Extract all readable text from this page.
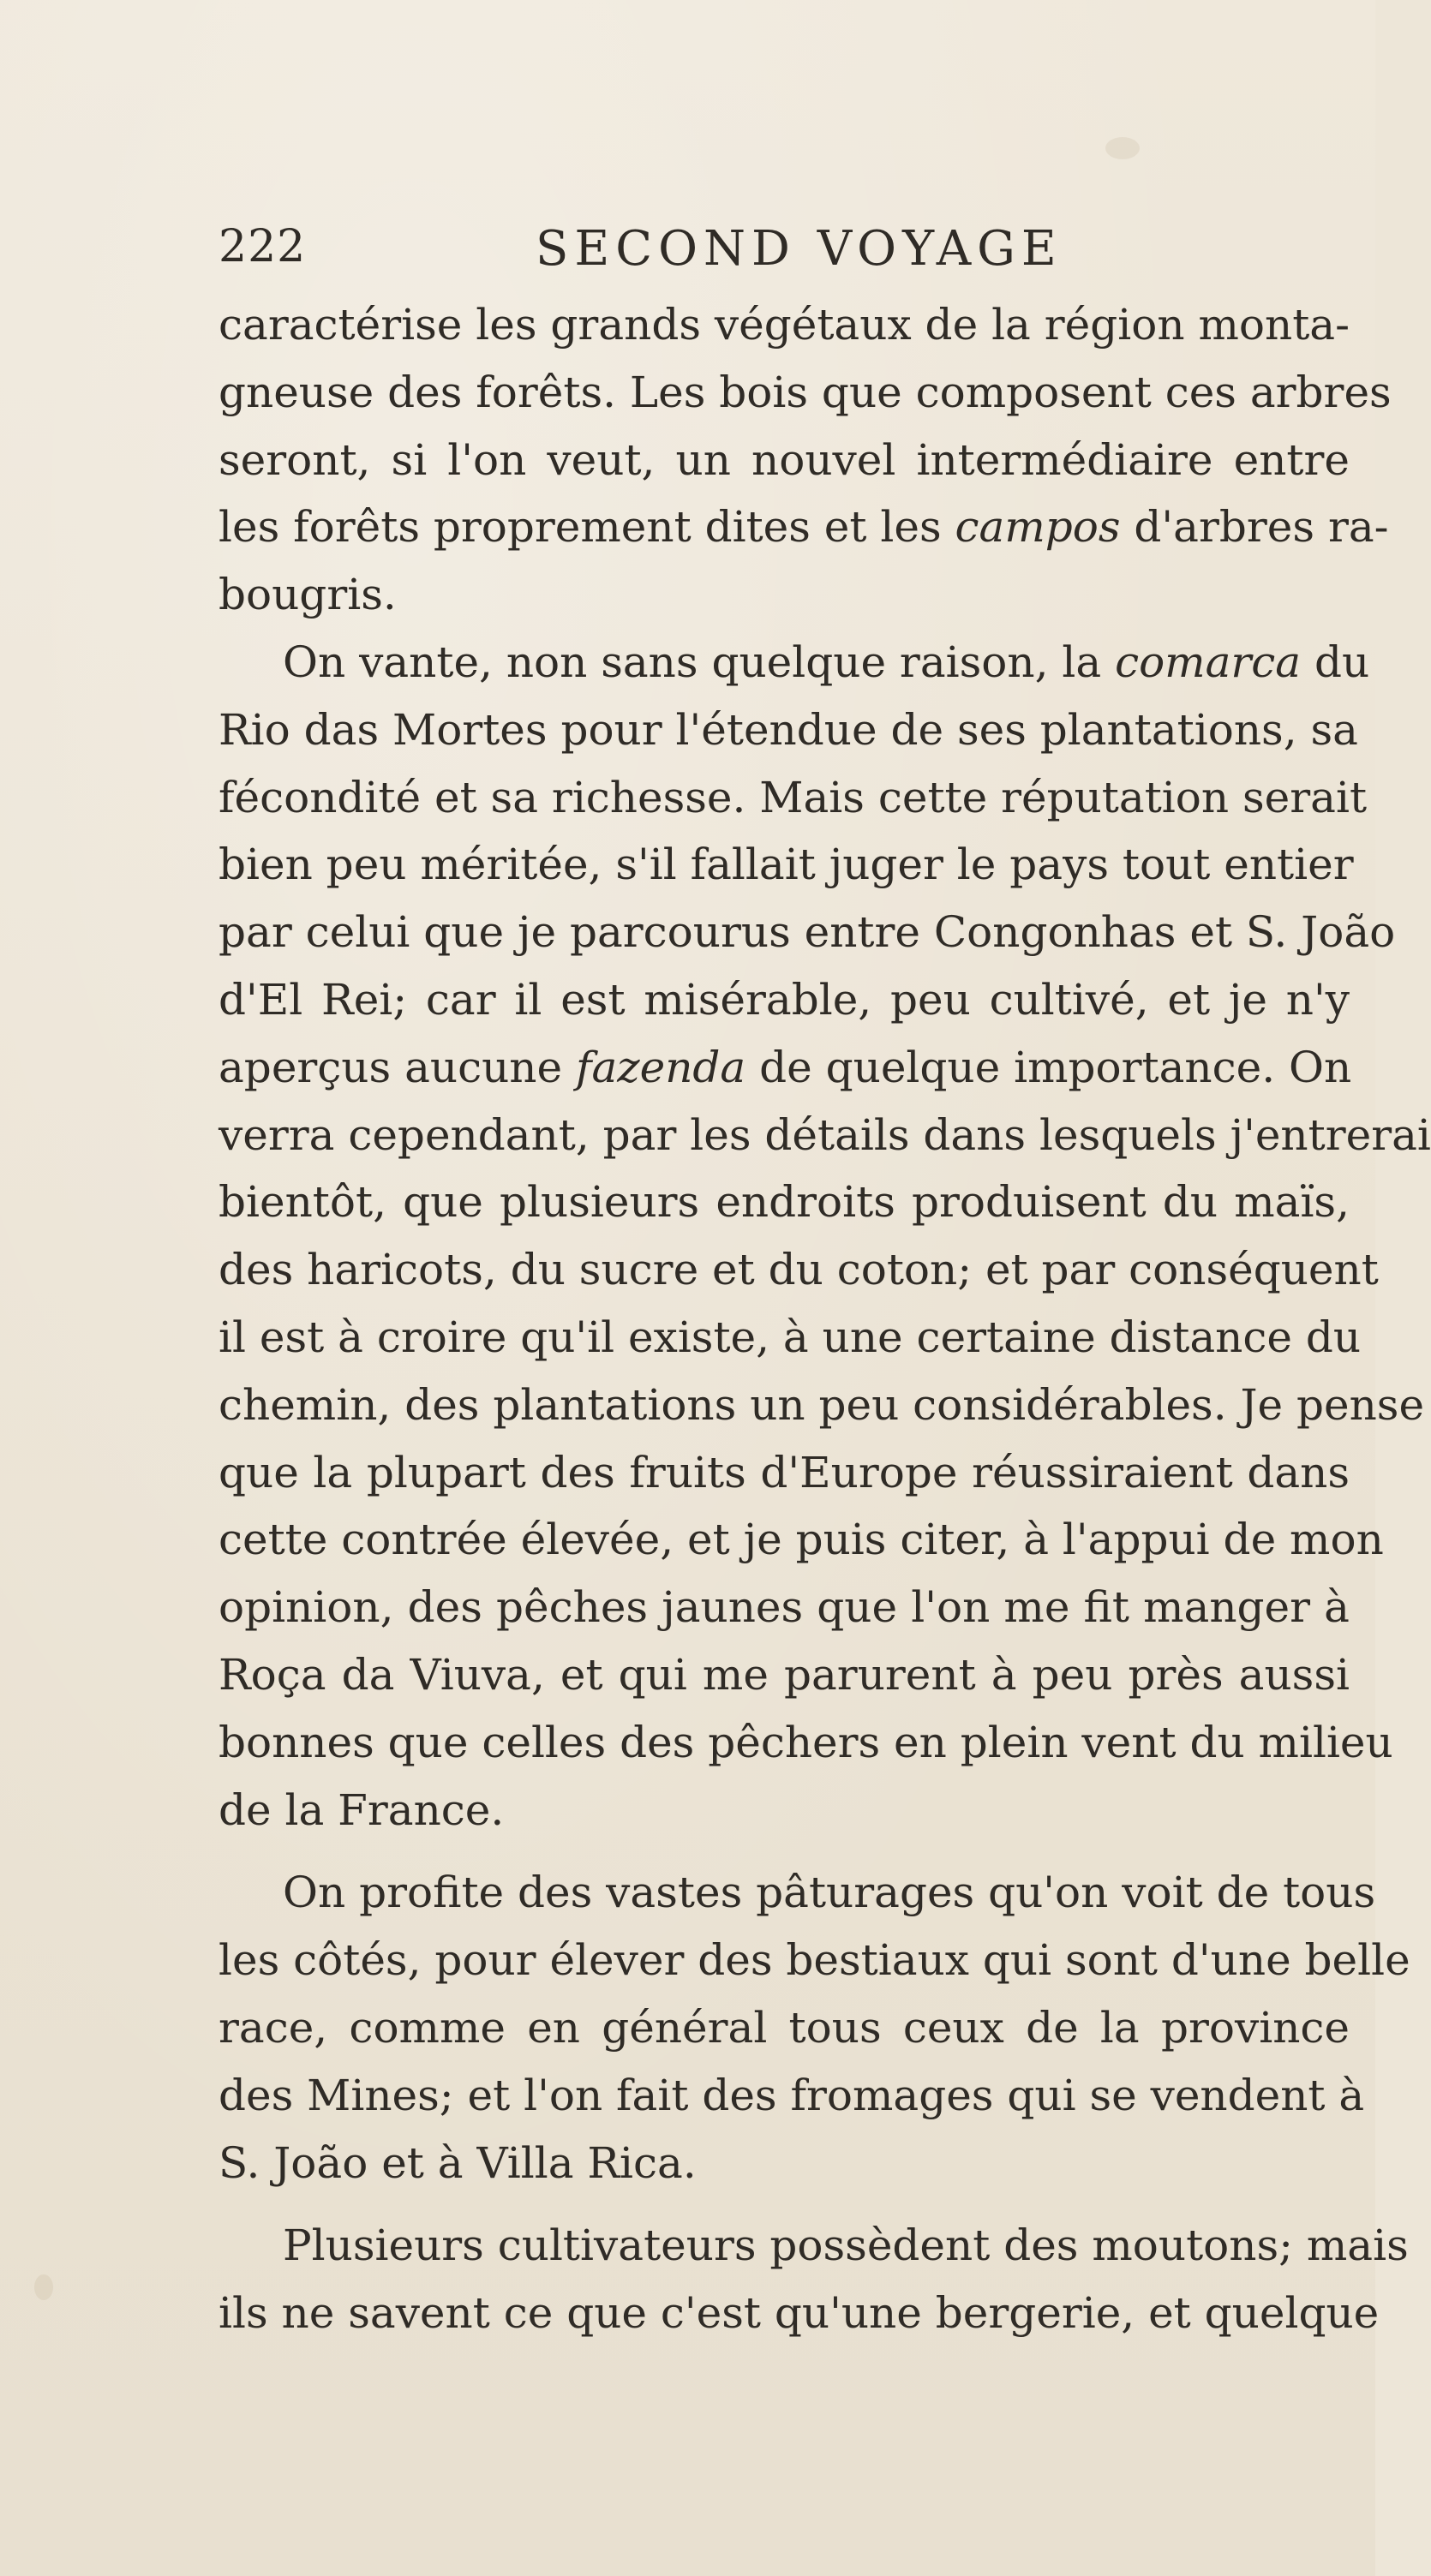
222	SECOND VOYAGE
caractérise les grands végétaux de la région monta-
gneuse des forêts. Les bois que composent ces arbres
seront, si l'on veut, un nouvel intermédiaire entre
les forêts proprement dites et les campos d'arbres ra-
bougris.
On vante, non sans quelque raison, la comarca du
Rio das Mortes pour l'étendue de ses plantations, sa
fécondité et sa richesse. Mais cette réputation serait
bien peu méritée, s'il fallait juger le pays tout entier
par celui que je parcourus entre Congonhas et S. João
d'El Rei; car il est misérable, peu cultivé, et je n'y
aperçus aucune fazenda de quelque importance. On
verra cependant, par les détails dans lesquels j'entrerai
bientôt, que plusieurs endroits produisent du maïs,
des haricots, du sucre et du coton; et par conséquent
il est à croire qu'il existe, à une certaine distance du
chemin, des plantations un peu considérables. Je pense
que la plupart des fruits d'Europe réussiraient dans
cette contrée élevée, et je puis citer, à l'appui de mon
opinion, des pêches jaunes que l'on me fit manger à
Roça da Viuva, et qui me parurent à peu près aussi
bonnes que celles des pêchers en plein vent du milieu
de la France.
On profite des vastes pâturages qu'on voit de tous
les côtés, pour élever des bestiaux qui sont d'une belle
race, comme en général tous ceux de la province
des Mines; et l'on fait des fromages qui se vendent à
S. João et à Villa Rica.
Plusieurs cultivateurs possèdent des moutons; mais
ils ne savent ce que c'est qu'une bergerie, et quelque
